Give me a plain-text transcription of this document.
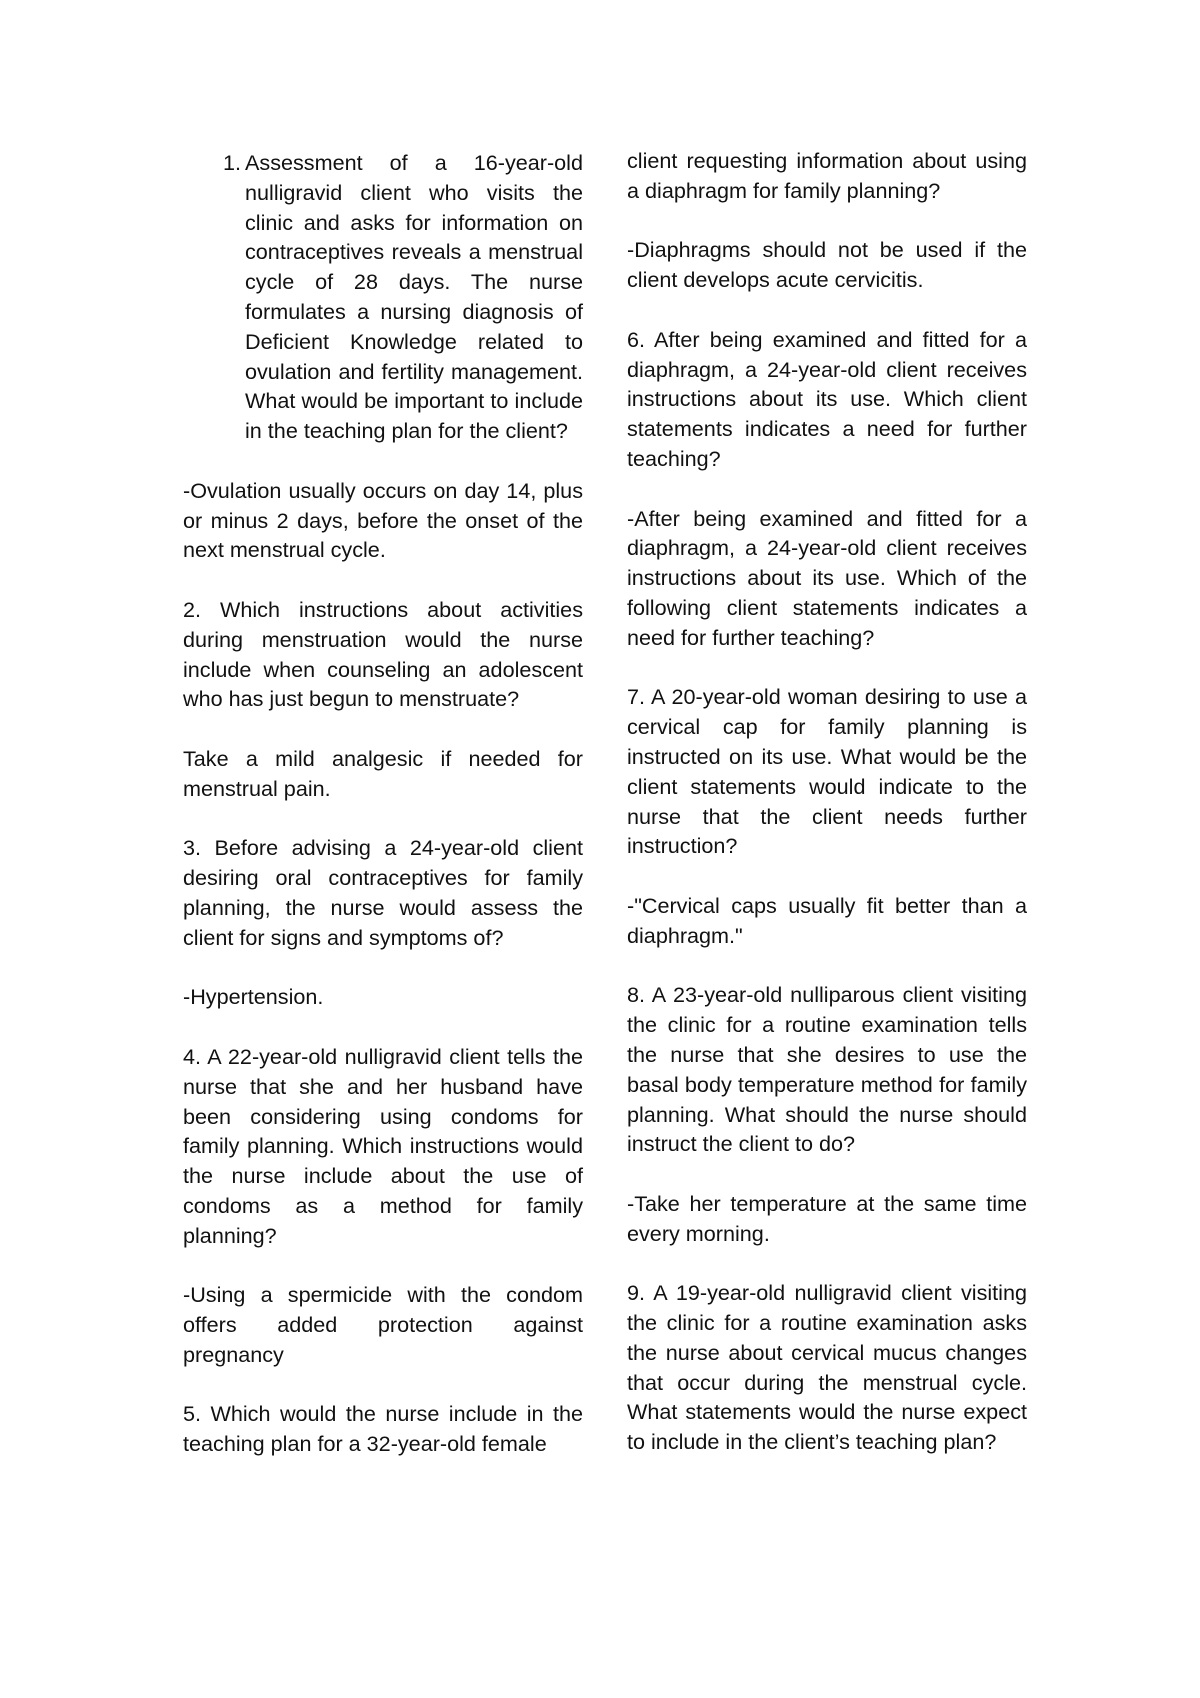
1. Assessment of a 16-year-old nulligravid client who visits the clinic and asks for information on contraceptives reveals a menstrual cycle of 28 days. The nurse formulates a nursing diagnosis of Deficient Knowledge related to ovulation and fertility management. What would be important to include in the teaching plan for the client?

-Ovulation usually occurs on day 14, plus or minus 2 days, before the onset of the next menstrual cycle.

2. Which instructions about activities during menstruation would the nurse include when counseling an adolescent who has just begun to menstruate?

Take a mild analgesic if needed for menstrual pain.

3. Before advising a 24-year-old client desiring oral contraceptives for family planning, the nurse would assess the client for signs and symptoms of?

-Hypertension.

4. A 22-year-old nulligravid client tells the nurse that she and her husband have been considering using condoms for family planning. Which instructions would the nurse include about the use of condoms as a method for family planning?

-Using a spermicide with the condom offers added protection against pregnancy

5. Which would the nurse include in the teaching plan for a 32-year-old female

client requesting information about using a diaphragm for family planning?

-Diaphragms should not be used if the client develops acute cervicitis.

6. After being examined and fitted for a diaphragm, a 24-year-old client receives instructions about its use. Which client statements indicates a need for further teaching?

-After being examined and fitted for a diaphragm, a 24-year-old client receives instructions about its use. Which of the following client statements indicates a need for further teaching?

7. A 20-year-old woman desiring to use a cervical cap for family planning is instructed on its use. What would be the client statements would indicate to the nurse that the client needs further instruction?

-"Cervical caps usually fit better than a diaphragm."

8. A 23-year-old nulliparous client visiting the clinic for a routine examination tells the nurse that she desires to use the basal body temperature method for family planning. What should the nurse should instruct the client to do?

-Take her temperature at the same time every morning.

9. A 19-year-old nulligravid client visiting the clinic for a routine examination asks the nurse about cervical mucus changes that occur during the menstrual cycle. What statements would the nurse expect to include in the client’s teaching plan?
